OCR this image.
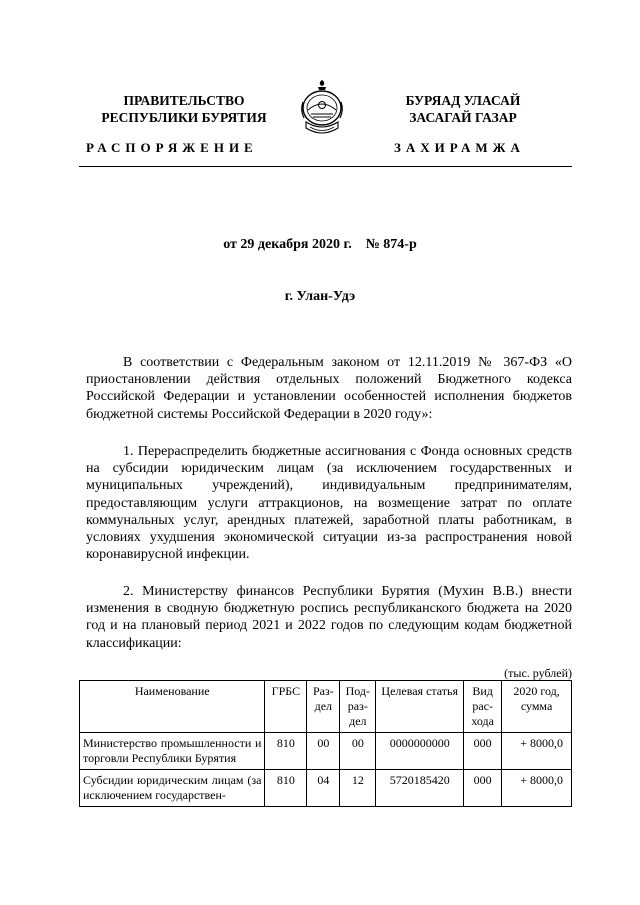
ПРАВИТЕЛЬСТВО
РЕСПУБЛИКИ БУРЯТИЯ
БУРЯАД УЛАСАЙ
ЗАСАГАЙ ГАЗАР
РАСПОРЯЖЕНИЕ	ЗАХИРАМЖА
от 29 декабря 2020 г. № 874-р
г. Улан-Удэ
В соответствии с Федеральным законом от 12.11.2019 № 367-ФЗ «О приостановлении действия отдельных положений Бюджетного кодекса Российской Федерации и установлении особенностей исполнения бюджетов бюджетной системы Российской Федерации в 2020 году»:
1. Перераспределить бюджетные ассигнования с Фонда основных средств на субсидии юридическим лицам (за исключением государственных и муниципальных учреждений), индивидуальным предпринимателям, предоставляющим услуги аттракционов, на возмещение затрат по оплате коммунальных услуг, арендных платежей, заработной платы работникам, в условиях ухудшения экономической ситуации из-за распространения новой коронавирусной инфекции.
2. Министерству финансов Республики Бурятия (Мухин В.В.) внести изменения в сводную бюджетную роспись республиканского бюджета на 2020 год и на плановый период 2021 и 2022 годов по следующим кодам бюджетной классификации:
(тыс. рублей)
Наименование	ГРБС	Раз-дел	Под-раз-дел	Целевая статья	Вид рас-хода	2020 год, сумма
Министерство промышленности и торговли Республики Бурятия	810	00	00	0000000000	000	+ 8000,0
Субсидии юридическим лицам (за исключением государствен-	810	04	12	5720185420	000	+ 8000,0
